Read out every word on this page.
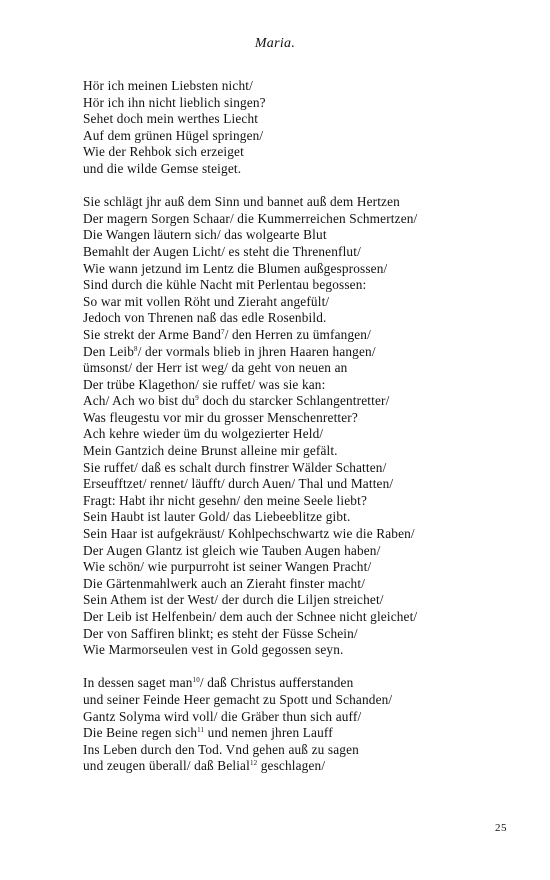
Maria.
Hör ich meinen Liebsten nicht/
Hör ich ihn nicht lieblich singen?
Sehet doch mein werthes Liecht
Auf dem grünen Hügel springen/
Wie der Rehbok sich erzeiget
und die wilde Gemse steiget.
Sie schlägt jhr auß dem Sinn und bannet auß dem Hertzen
Der magern Sorgen Schaar/ die Kummerreichen Schmertzen/
Die Wangen läutern sich/ das wolgearte Blut
Bemahlt der Augen Licht/ es steht die Threnenflut/
Wie wann jetzund im Lentz die Blumen außgesprossen/
Sind durch die kühle Nacht mit Perlentau begossen:
So war mit vollen Röht und Zieraht angefült/
Jedoch von Threnen naß das edle Rosenbild.
Sie strekt der Arme Band$^7$/ den Herren zu ümfangen/
Den Leib$^8$/ der vormals blieb in jhren Haaren hangen/
ümsonst/ der Herr ist weg/ da geht von neuen an
Der trübe Klagethon/ sie ruffet/ was sie kan:
Ach/ Ach wo bist $du^9$ doch du starcker Schlangentretter/
Was fleugestu vor mir du grosser Menschenretter?
Ach kehre wieder üm du wolgezierter Held/
Mein Gantzich deine Brunst alleine mir gefält.
Sie ruffet/ daß es schalt durch finstrer Wälder Schatten/
Erseufftzet/ rennet/ läufft/ durch Auen/ Thal und Matten/
Fragt: Habt ihr nicht gesehn/ den meine Seele liebt?
Sein Haubt ist lauter Gold/ das Liebeeblitze gibt.
Sein Haar ist aufgekräust/ Kohlpechschwartz wie die Raben/
Der Augen Glantz ist gleich wie Tauben Augen haben/
Wie schön/ wie purpurroht ist seiner Wangen Pracht/
Die Gärtenmahlwerk auch an Zieraht finster macht/
Sein Athem ist der West/ der durch die Liljen streichet/
Der Leib ist Helfenbein/ dem auch der Schnee nicht gleichet/
Der von Saffiren blinkt; es steht der Füsse Schein/
Wie Marmorseulen vest in Gold gegossen seyn.
In dessen saget man$^{10}$/ daß Christus aufferstanden
und seiner Feinde Heer gemacht zu Spott und Schanden/
Gantz Solyma wird voll/ die Gräber thun sich auff/
Die Beine regen sich$^{11}$ und nemen jhren Lauff
Ins Leben durch den Tod. Vnd gehen auß zu sagen
und zeugen überall/ daß Belial$^{12}$ geschlagen/
25
